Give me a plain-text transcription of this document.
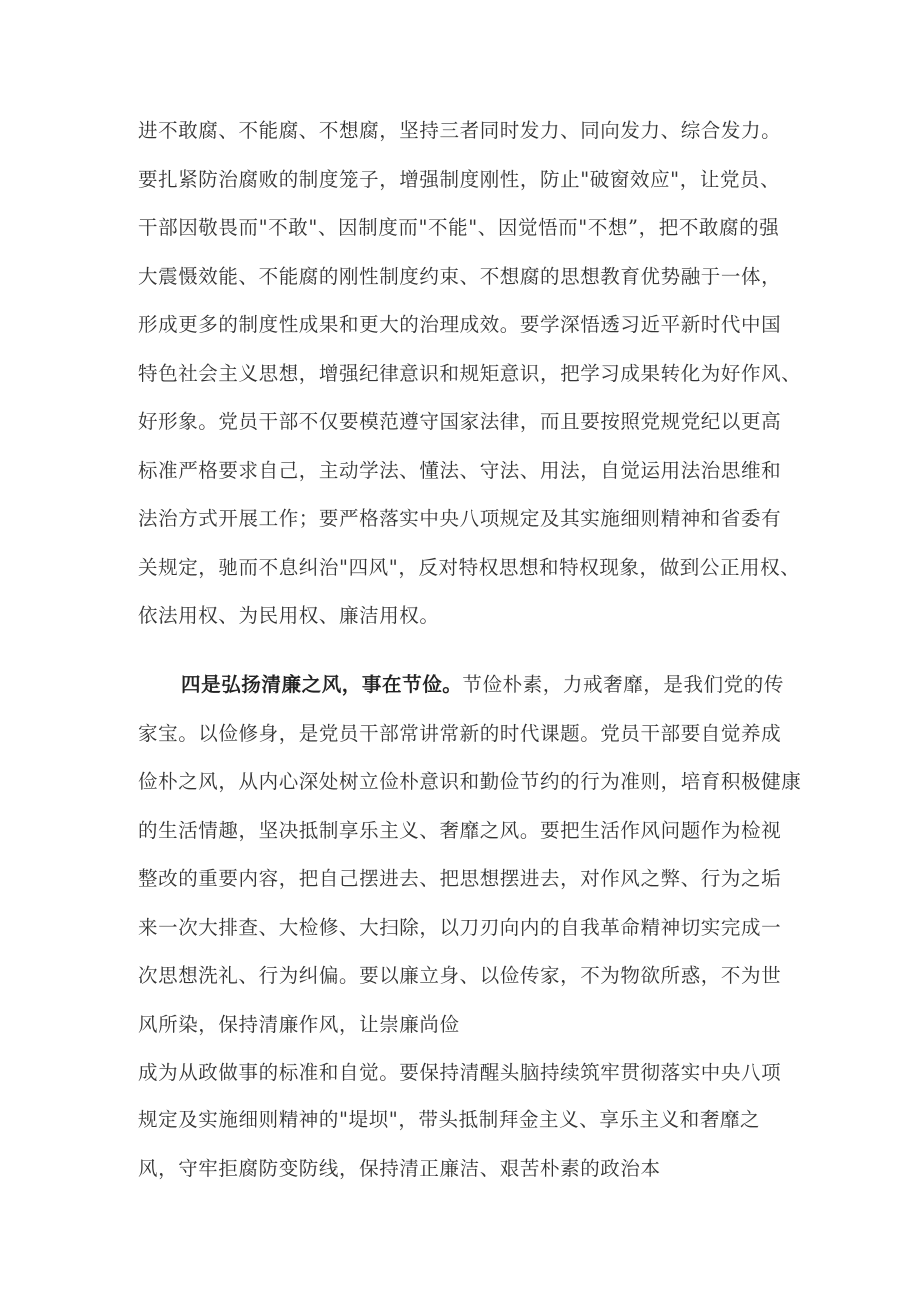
进不敢腐、不能腐、不想腐，坚持三者同时发力、同向发力、综合发力。
要扎紧防治腐败的制度笼子，增强制度刚性，防止"破窗效应"，让党员、
干部因敬畏而"不敢"、因制度而"不能"、因觉悟而"不想”，把不敢腐的强
大震慑效能、不能腐的刚性制度约束、不想腐的思想教育优势融于一体，
形成更多的制度性成果和更大的治理成效。要学深悟透习近平新时代中国
特色社会主义思想，增强纪律意识和规矩意识，把学习成果转化为好作风、
好形象。党员干部不仅要模范遵守国家法律，而且要按照党规党纪以更高
标准严格要求自己，主动学法、懂法、守法、用法，自觉运用法治思维和
法治方式开展工作；要严格落实中央八项规定及其实施细则精神和省委有
关规定，驰而不息纠治"四风"，反对特权思想和特权现象，做到公正用权、
依法用权、为民用权、廉洁用权。
四是弘扬清廉之风，事在节俭。节俭朴素，力戒奢靡，是我们党的传
家宝。以俭修身，是党员干部常讲常新的时代课题。党员干部要自觉养成
俭朴之风，从内心深处树立俭朴意识和勤俭节约的行为准则，培育积极健康
的生活情趣，坚决抵制享乐主义、奢靡之风。要把生活作风问题作为检视
整改的重要内容，把自己摆进去、把思想摆进去，对作风之弊、行为之垢
来一次大排查、大检修、大扫除，以刀刃向内的自我革命精神切实完成一
次思想洗礼、行为纠偏。要以廉立身、以俭传家，不为物欲所惑，不为世
风所染，保持清廉作风，让崇廉尚俭
成为从政做事的标准和自觉。要保持清醒头脑持续筑牢贯彻落实中央八项
规定及实施细则精神的"堤坝"，带头抵制拜金主义、享乐主义和奢靡之
风，守牢拒腐防变防线，保持清正廉洁、艰苦朴素的政治本
